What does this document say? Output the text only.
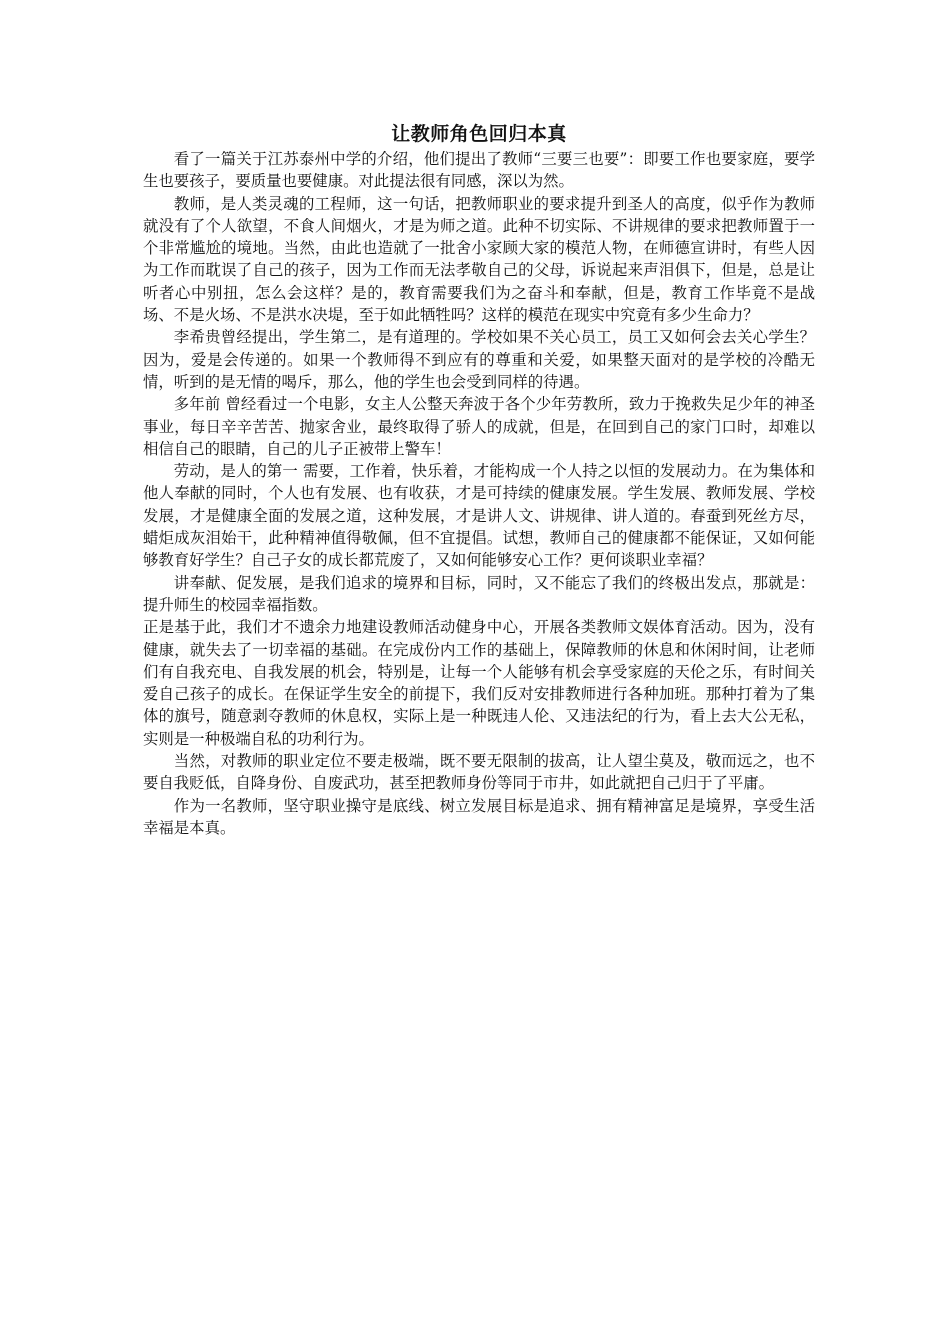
让教师角色回归本真

看了一篇关于江苏泰州中学的介绍，他们提出了教师“三要三也要”：即要工作也要家庭，要学生也要孩子，要质量也要健康。对此提法很有同感，深以为然。

教师，是人类灵魂的工程师，这一句话，把教师职业的要求提升到圣人的高度，似乎作为教师就没有了个人欲望，不食人间烟火，才是为师之道。此种不切实际、不讲规律的要求把教师置于一个非常尴尬的境地。当然，由此也造就了一批舍小家顾大家的模范人物，在师德宣讲时，有些人因为工作而耽误了自己的孩子，因为工作而无法孝敬自己的父母，诉说起来声泪俱下，但是，总是让听者心中别扭，怎么会这样？是的，教育需要我们为之奋斗和奉献，但是，教育工作毕竟不是战场、不是火场、不是洪水决堤，至于如此牺牲吗？这样的模范在现实中究竟有多少生命力？

李希贵曾经提出，学生第二，是有道理的。学校如果不关心员工，员工又如何会去关心学生？因为，爱是会传递的。如果一个教师得不到应有的尊重和关爱，如果整天面对的是学校的冷酷无情，听到的是无情的喝斥，那么，他的学生也会受到同样的待遇。

多年前 曾经看过一个电影，女主人公整天奔波于各个少年劳教所，致力于挽救失足少年的神圣事业，每日辛辛苦苦、抛家舍业，最终取得了骄人的成就，但是，在回到自己的家门口时，却难以相信自己的眼睛，自己的儿子正被带上警车！

劳动，是人的第一 需要，工作着，快乐着，才能构成一个人持之以恒的发展动力。在为集体和他人奉献的同时，个人也有发展、也有收获，才是可持续的健康发展。学生发展、教师发展、学校发展，才是健康全面的发展之道，这种发展，才是讲人文、讲规律、讲人道的。春蚕到死丝方尽，蜡炬成灰泪始干，此种精神值得敬佩，但不宜提倡。试想，教师自己的健康都不能保证，又如何能够教育好学生？自己子女的成长都荒废了，又如何能够安心工作？更何谈职业幸福？

讲奉献、促发展，是我们追求的境界和目标，同时，又不能忘了我们的终极出发点，那就是：提升师生的校园幸福指数。

正是基于此，我们才不遗余力地建设教师活动健身中心，开展各类教师文娱体育活动。因为，没有健康，就失去了一切幸福的基础。在完成份内工作的基础上，保障教师的休息和休闲时间，让老师们有自我充电、自我发展的机会，特别是，让每一个人能够有机会享受家庭的天伦之乐，有时间关爱自己孩子的成长。在保证学生安全的前提下，我们反对安排教师进行各种加班。那种打着为了集体的旗号，随意剥夺教师的休息权，实际上是一种既违人伦、又违法纪的行为，看上去大公无私，实则是一种极端自私的功利行为。

当然，对教师的职业定位不要走极端，既不要无限制的拔高，让人望尘莫及，敬而远之，也不要自我贬低，自降身份、自废武功，甚至把教师身份等同于市井，如此就把自己归于了平庸。

作为一名教师，坚守职业操守是底线、树立发展目标是追求、拥有精神富足是境界，享受生活幸福是本真。
